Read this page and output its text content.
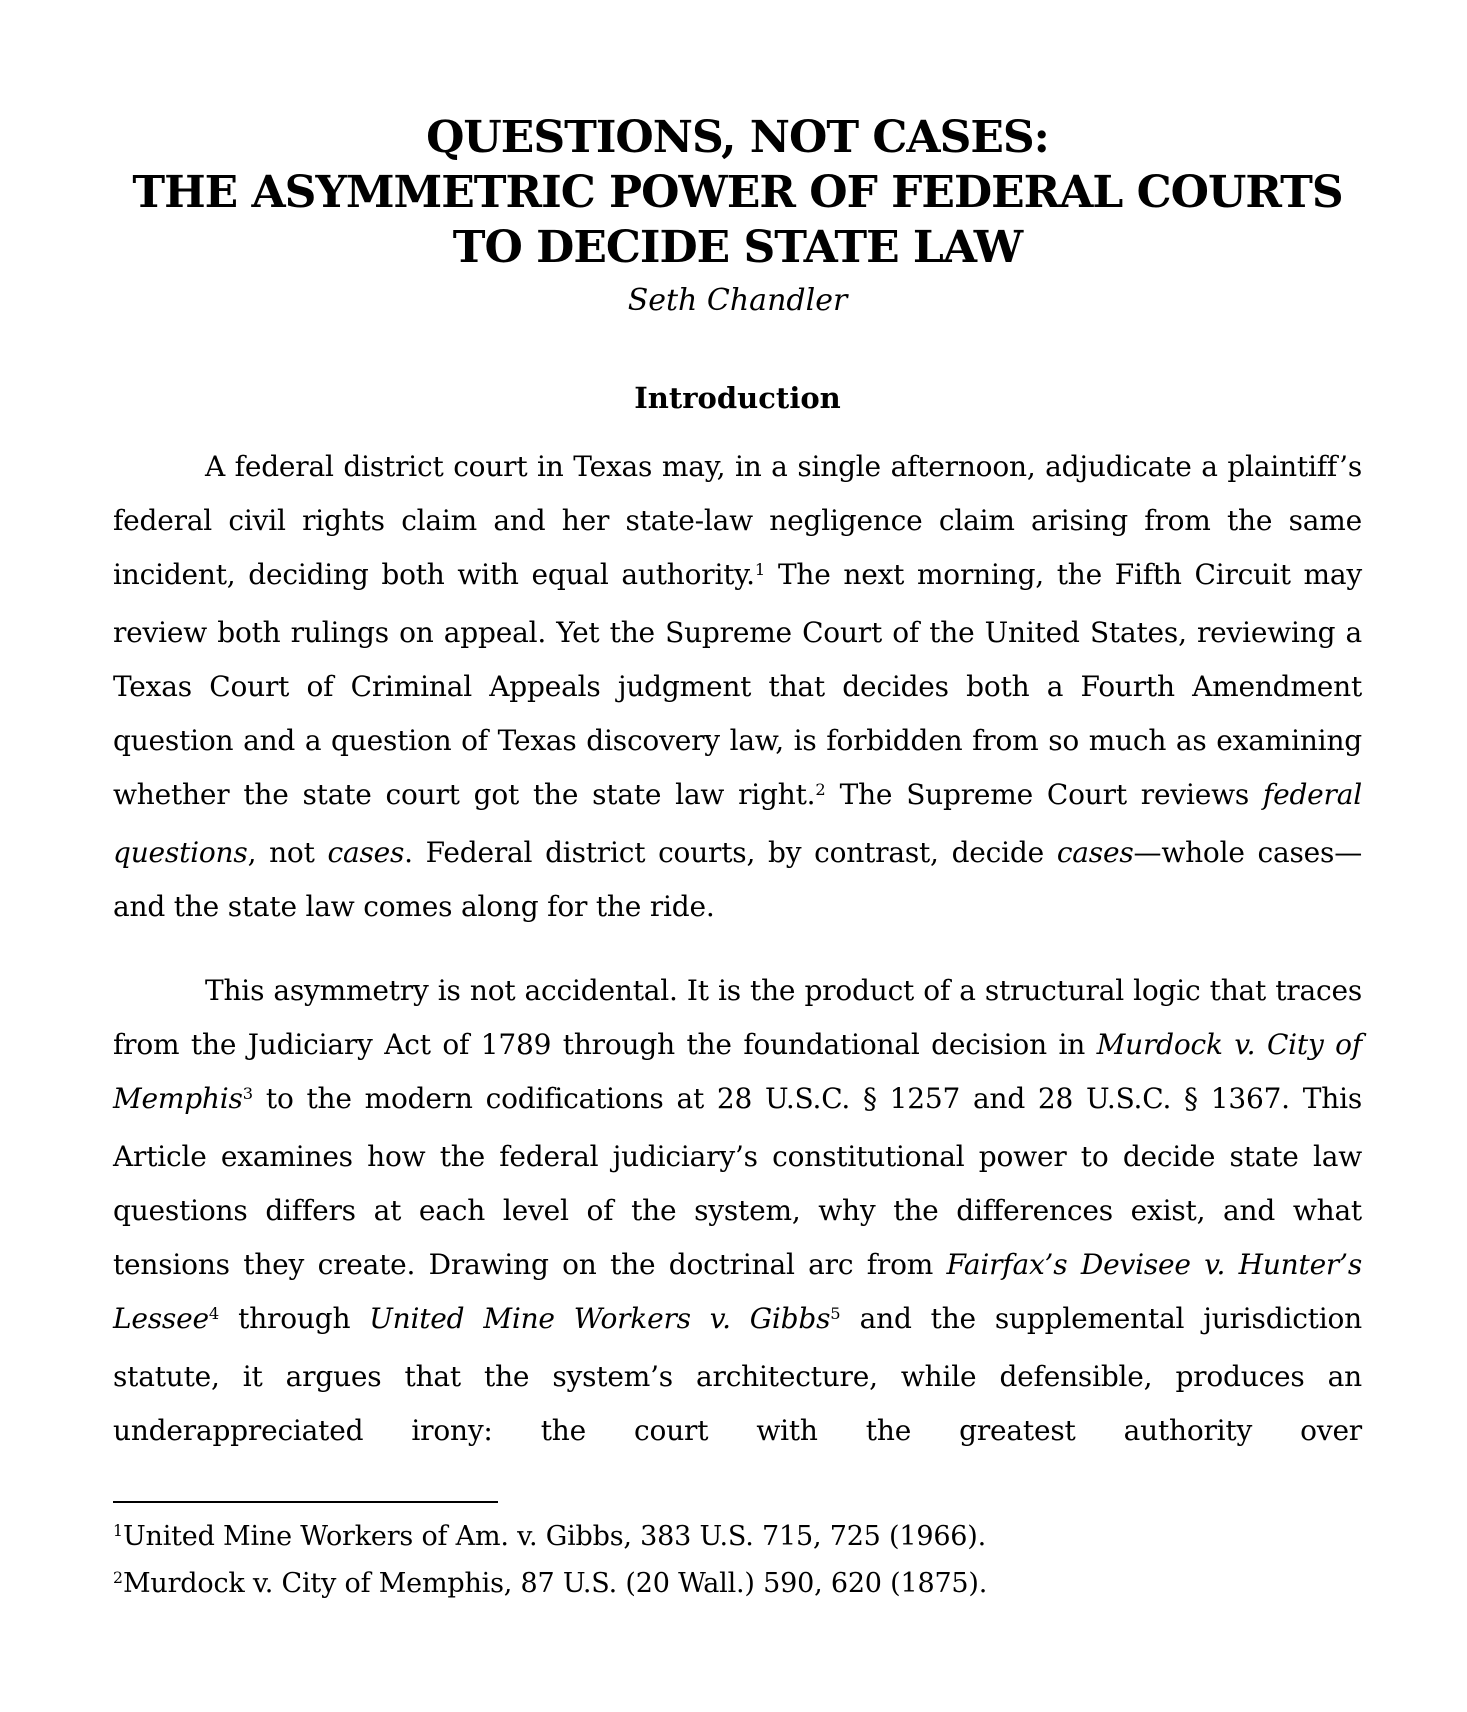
QUESTIONS, NOT CASES:
THE ASYMMETRIC POWER OF FEDERAL COURTS
TO DECIDE STATE LAW
Seth Chandler
Introduction
A federal district court in Texas may, in a single afternoon, adjudicate a plaintiff’s federal civil rights claim and her state-law negligence claim arising from the same incident, deciding both with equal authority.$^1$ The next morning, the Fifth Circuit may review both rulings on appeal. Yet the Supreme Court of the United States, reviewing a Texas Court of Criminal Appeals judgment that decides both a Fourth Amendment question and a question of Texas discovery law, is forbidden from so much as examining whether the state court got the state law right.$^2$ The Supreme Court reviews federal questions, not cases. Federal district courts, by contrast, decide cases—whole cases—and the state law comes along for the ride.
This asymmetry is not accidental. It is the product of a structural logic that traces from the Judiciary Act of 1789 through the foundational decision in Murdock v. City of Memphis$^3$ to the modern codifications at 28 U.S.C. § 1257 and 28 U.S.C. § 1367. This Article examines how the federal judiciary’s constitutional power to decide state law questions differs at each level of the system, why the differences exist, and what tensions they create. Drawing on the doctrinal arc from Fairfax’s Devisee v. Hunter’s Lessee$^4$ through United Mine Workers v. Gibbs$^5$ and the supplemental jurisdiction statute, it argues that the system’s architecture, while defensible, produces an underappreciated irony: the court with the greatest authority over
$^1$United Mine Workers of Am. v. Gibbs, 383 U.S. 715, 725 (1966).
$^2$Murdock v. City of Memphis, 87 U.S. (20 Wall.) 590, 620 (1875).
